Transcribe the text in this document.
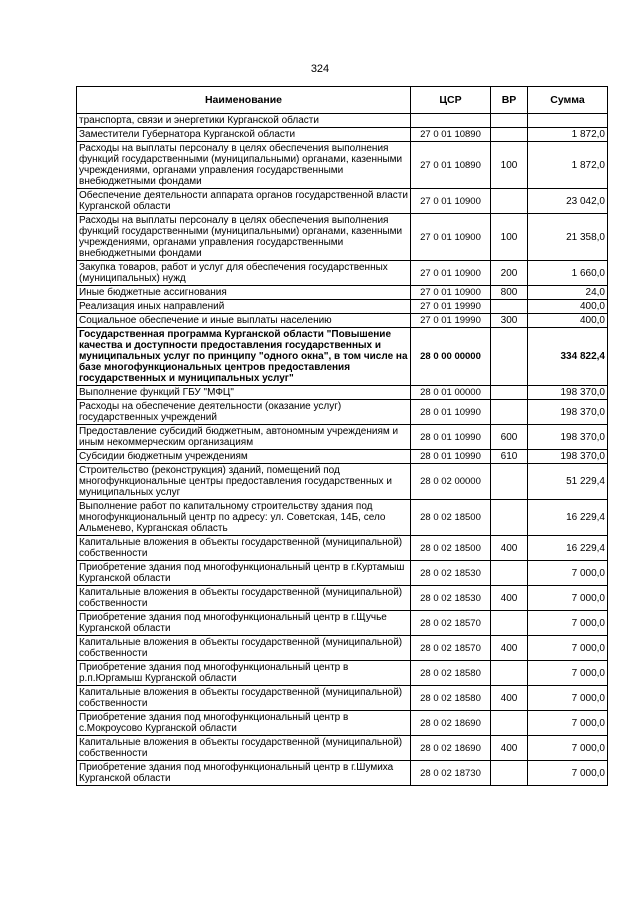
324
Наименование	ЦСР	ВР	Сумма
транспорта, связи и энергетики Курганской области			
Заместители Губернатора Курганской области	27 0 01 10890		1 872,0
Расходы на выплаты персоналу в целях обеспечения выполнения функций государственными (муниципальными) органами, казенными учреждениями, органами управления государственными внебюджетными фондами	27 0 01 10890	100	1 872,0
Обеспечение деятельности аппарата органов государственной власти Курганской области	27 0 01 10900		23 042,0
Расходы на выплаты персоналу в целях обеспечения выполнения функций государственными (муниципальными) органами, казенными учреждениями, органами управления государственными внебюджетными фондами	27 0 01 10900	100	21 358,0
Закупка товаров, работ и услуг для обеспечения государственных (муниципальных) нужд	27 0 01 10900	200	1 660,0
Иные бюджетные ассигнования	27 0 01 10900	800	24,0
Реализация иных направлений	27 0 01 19990		400,0
Социальное обеспечение и иные выплаты населению	27 0 01 19990	300	400,0
Государственная программа Курганской области "Повышение качества и доступности предоставления государственных и муниципальных услуг по принципу "одного окна", в том числе на базе многофункциональных центров предоставления государственных и муниципальных услуг"	28 0 00 00000		334 822,4
Выполнение функций ГБУ "МФЦ"	28 0 01 00000		198 370,0
Расходы на обеспечение деятельности (оказание услуг) государственных учреждений	28 0 01 10990		198 370,0
Предоставление субсидий бюджетным, автономным учреждениям и иным некоммерческим организациям	28 0 01 10990	600	198 370,0
Субсидии бюджетным учреждениям	28 0 01 10990	610	198 370,0
Строительство (реконструкция) зданий, помещений под многофункциональные центры предоставления государственных и муниципальных услуг	28 0 02 00000		51 229,4
Выполнение работ по капитальному строительству здания под многофункциональный центр по адресу: ул. Советская, 14Б, село Альменево, Курганская область	28 0 02 18500		16 229,4
Капитальные вложения в объекты государственной (муниципальной) собственности	28 0 02 18500	400	16 229,4
Приобретение здания под многофункциональный центр в г.Куртамыш Курганской области	28 0 02 18530		7 000,0
Капитальные вложения в объекты государственной (муниципальной) собственности	28 0 02 18530	400	7 000,0
Приобретение здания под многофункциональный центр в г.Щучье Курганской области	28 0 02 18570		7 000,0
Капитальные вложения в объекты государственной (муниципальной) собственности	28 0 02 18570	400	7 000,0
Приобретение здания под многофункциональный центр в р.п.Юргамыш Курганской области	28 0 02 18580		7 000,0
Капитальные вложения в объекты государственной (муниципальной) собственности	28 0 02 18580	400	7 000,0
Приобретение здания под многофункциональный центр в с.Мокроусово Курганской области	28 0 02 18690		7 000,0
Капитальные вложения в объекты государственной (муниципальной) собственности	28 0 02 18690	400	7 000,0
Приобретение здания под многофункциональный центр в г.Шумиха Курганской области	28 0 02 18730		7 000,0
